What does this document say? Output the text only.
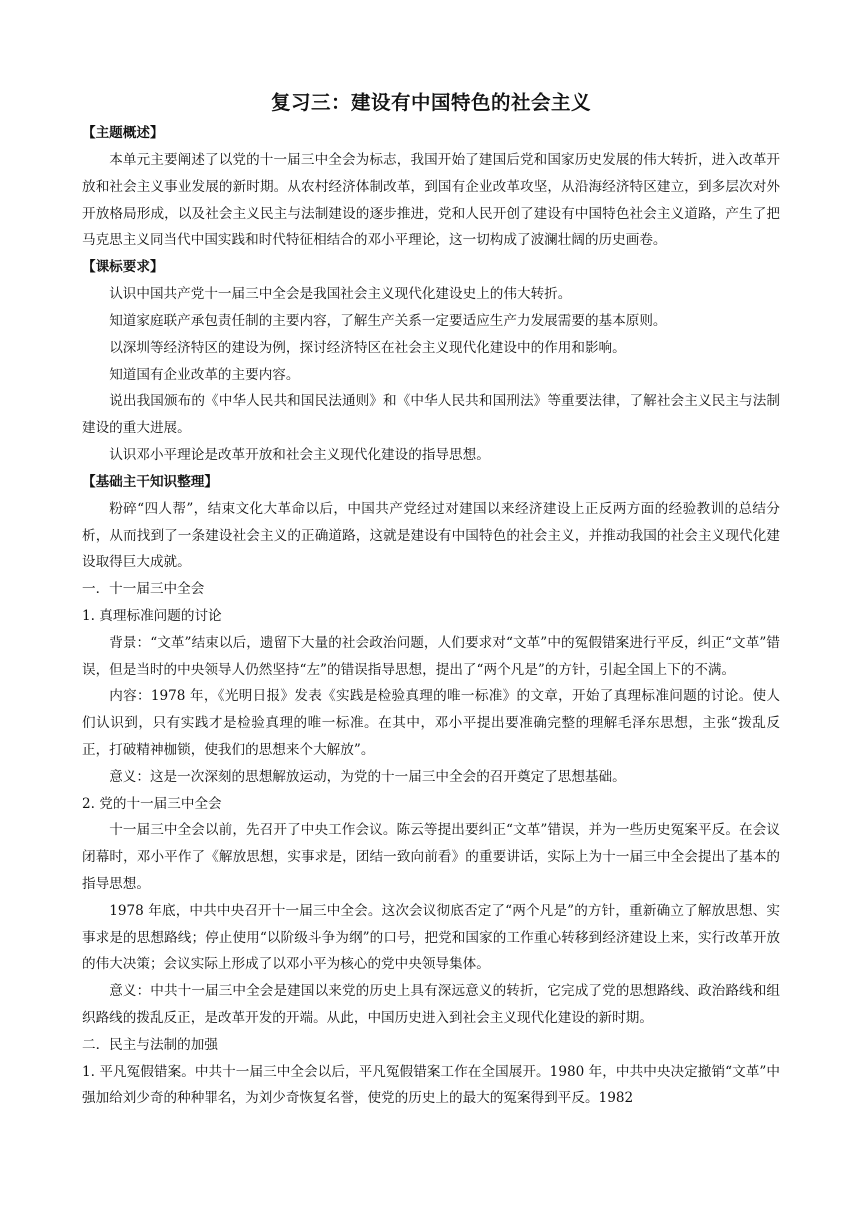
复习三：建设有中国特色的社会主义
【主题概述】

本单元主要阐述了以党的十一届三中全会为标志，我国开始了建国后党和国家历史发展的伟大转折，进入改革开放和社会主义事业发展的新时期。从农村经济体制改革，到国有企业改革攻坚，从沿海经济特区建立，到多层次对外开放格局形成，以及社会主义民主与法制建设的逐步推进，党和人民开创了建设有中国特色社会主义道路，产生了把马克思主义同当代中国实践和时代特征相结合的邓小平理论，这一切构成了波澜壮阔的历史画卷。

【课标要求】

认识中国共产党十一届三中全会是我国社会主义现代化建设史上的伟大转折。

知道家庭联产承包责任制的主要内容，了解生产关系一定要适应生产力发展需要的基本原则。

以深圳等经济特区的建设为例，探讨经济特区在社会主义现代化建设中的作用和影响。

知道国有企业改革的主要内容。

说出我国颁布的《中华人民共和国民法通则》和《中华人民共和国刑法》等重要法律，了解社会主义民主与法制建设的重大进展。

认识邓小平理论是改革开放和社会主义现代化建设的指导思想。

【基础主干知识整理】

粉碎“四人帮”，结束文化大革命以后，中国共产党经过对建国以来经济建设上正反两方面的经验教训的总结分析，从而找到了一条建设社会主义的正确道路，这就是建设有中国特色的社会主义，并推动我国的社会主义现代化建设取得巨大成就。

一．十一届三中全会
1. 真理标准问题的讨论

背景：“文革”结束以后，遗留下大量的社会政治问题，人们要求对“文革”中的冤假错案进行平反，纠正“文革”错误，但是当时的中央领导人仍然坚持“左”的错误指导思想，提出了“两个凡是”的方针，引起全国上下的不满。

内容：1978 年，《光明日报》发表《实践是检验真理的唯一标准》的文章，开始了真理标准问题的讨论。使人们认识到，只有实践才是检验真理的唯一标准。在其中，邓小平提出要准确完整的理解毛泽东思想，主张“拨乱反正，打破精神枷锁，使我们的思想来个大解放”。

意义：这是一次深刻的思想解放运动，为党的十一届三中全会的召开奠定了思想基础。

2. 党的十一届三中全会

十一届三中全会以前，先召开了中央工作会议。陈云等提出要纠正“文革”错误，并为一些历史冤案平反。在会议闭幕时，邓小平作了《解放思想，实事求是，团结一致向前看》的重要讲话，实际上为十一届三中全会提出了基本的指导思想。

1978 年底，中共中央召开十一届三中全会。这次会议彻底否定了“两个凡是”的方针，重新确立了解放思想、实事求是的思想路线；停止使用“以阶级斗争为纲”的口号，把党和国家的工作重心转移到经济建设上来，实行改革开放的伟大决策；会议实际上形成了以邓小平为核心的党中央领导集体。

意义：中共十一届三中全会是建国以来党的历史上具有深远意义的转折，它完成了党的思想路线、政治路线和组织路线的拨乱反正，是改革开发的开端。从此，中国历史进入到社会主义现代化建设的新时期。

二．民主与法制的加强

1. 平凡冤假错案。中共十一届三中全会以后，平凡冤假错案工作在全国展开。1980 年，中共中央决定撤销“文革”中强加给刘少奇的种种罪名，为刘少奇恢复名誉，使党的历史上的最大的冤案得到平反。1982
